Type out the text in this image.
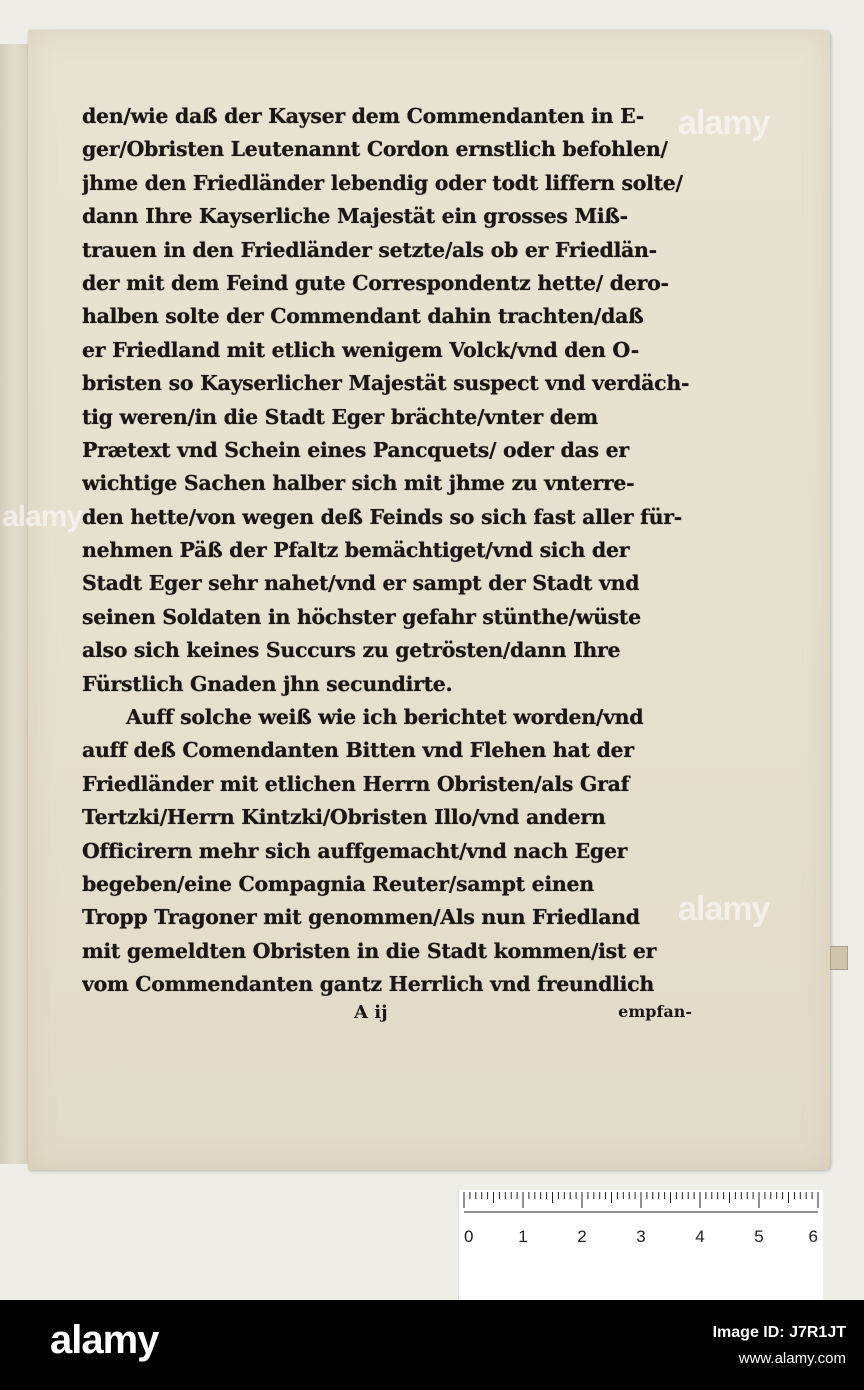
den/wie daß der Kayser dem Commendanten in E-
ger/Obristen Leutenannt Cordon ernstlich befohlen/
jhme den Friedländer lebendig oder todt liffern solte/
dann Ihre Kayserliche Majestät ein grosses Miß-
trauen in den Friedländer setzte/als ob er Friedlän-
der mit dem Feind gute Correspondentz hette/ dero-
halben solte der Commendant dahin trachten/daß
er Friedland mit etlich wenigem Volck/vnd den O-
bristen so Kayserlicher Majestät suspect vnd verdäch-
tig weren/in die Stadt Eger brächte/vnter dem
Prætext vnd Schein eines Pancquets/ oder das er
wichtige Sachen halber sich mit jhme zu vnterre-
den hette/von wegen deß Feinds so sich fast aller für-
nehmen Päß der Pfaltz bemächtiget/vnd sich der
Stadt Eger sehr nahet/vnd er sampt der Stadt vnd
seinen Soldaten in höchster gefahr stünthe/wüste
also sich keines Succurs zu getrösten/dann Ihre
Fürstlich Gnaden jhn secundirte.
Auff solche weiß wie ich berichtet worden/vnd
auff deß Comendanten Bitten vnd Flehen hat der
Friedländer mit etlichen Herrn Obristen/als Graf
Tertzki/Herrn Kintzki/Obristen Illo/vnd andern
Officirern mehr sich auffgemacht/vnd nach Eger
begeben/eine Compagnia Reuter/sampt einen
Tropp Tragoner mit genommen/Als nun Friedland
mit gemeldten Obristen in die Stadt kommen/ist er
vom Commendanten gantz Herrlich vnd freundlich
A ij	empfan-
alamy
alamy
alamy
0	1	2	3	4	5	6
alamy	Image ID: J7R1JT
www.alamy.com
